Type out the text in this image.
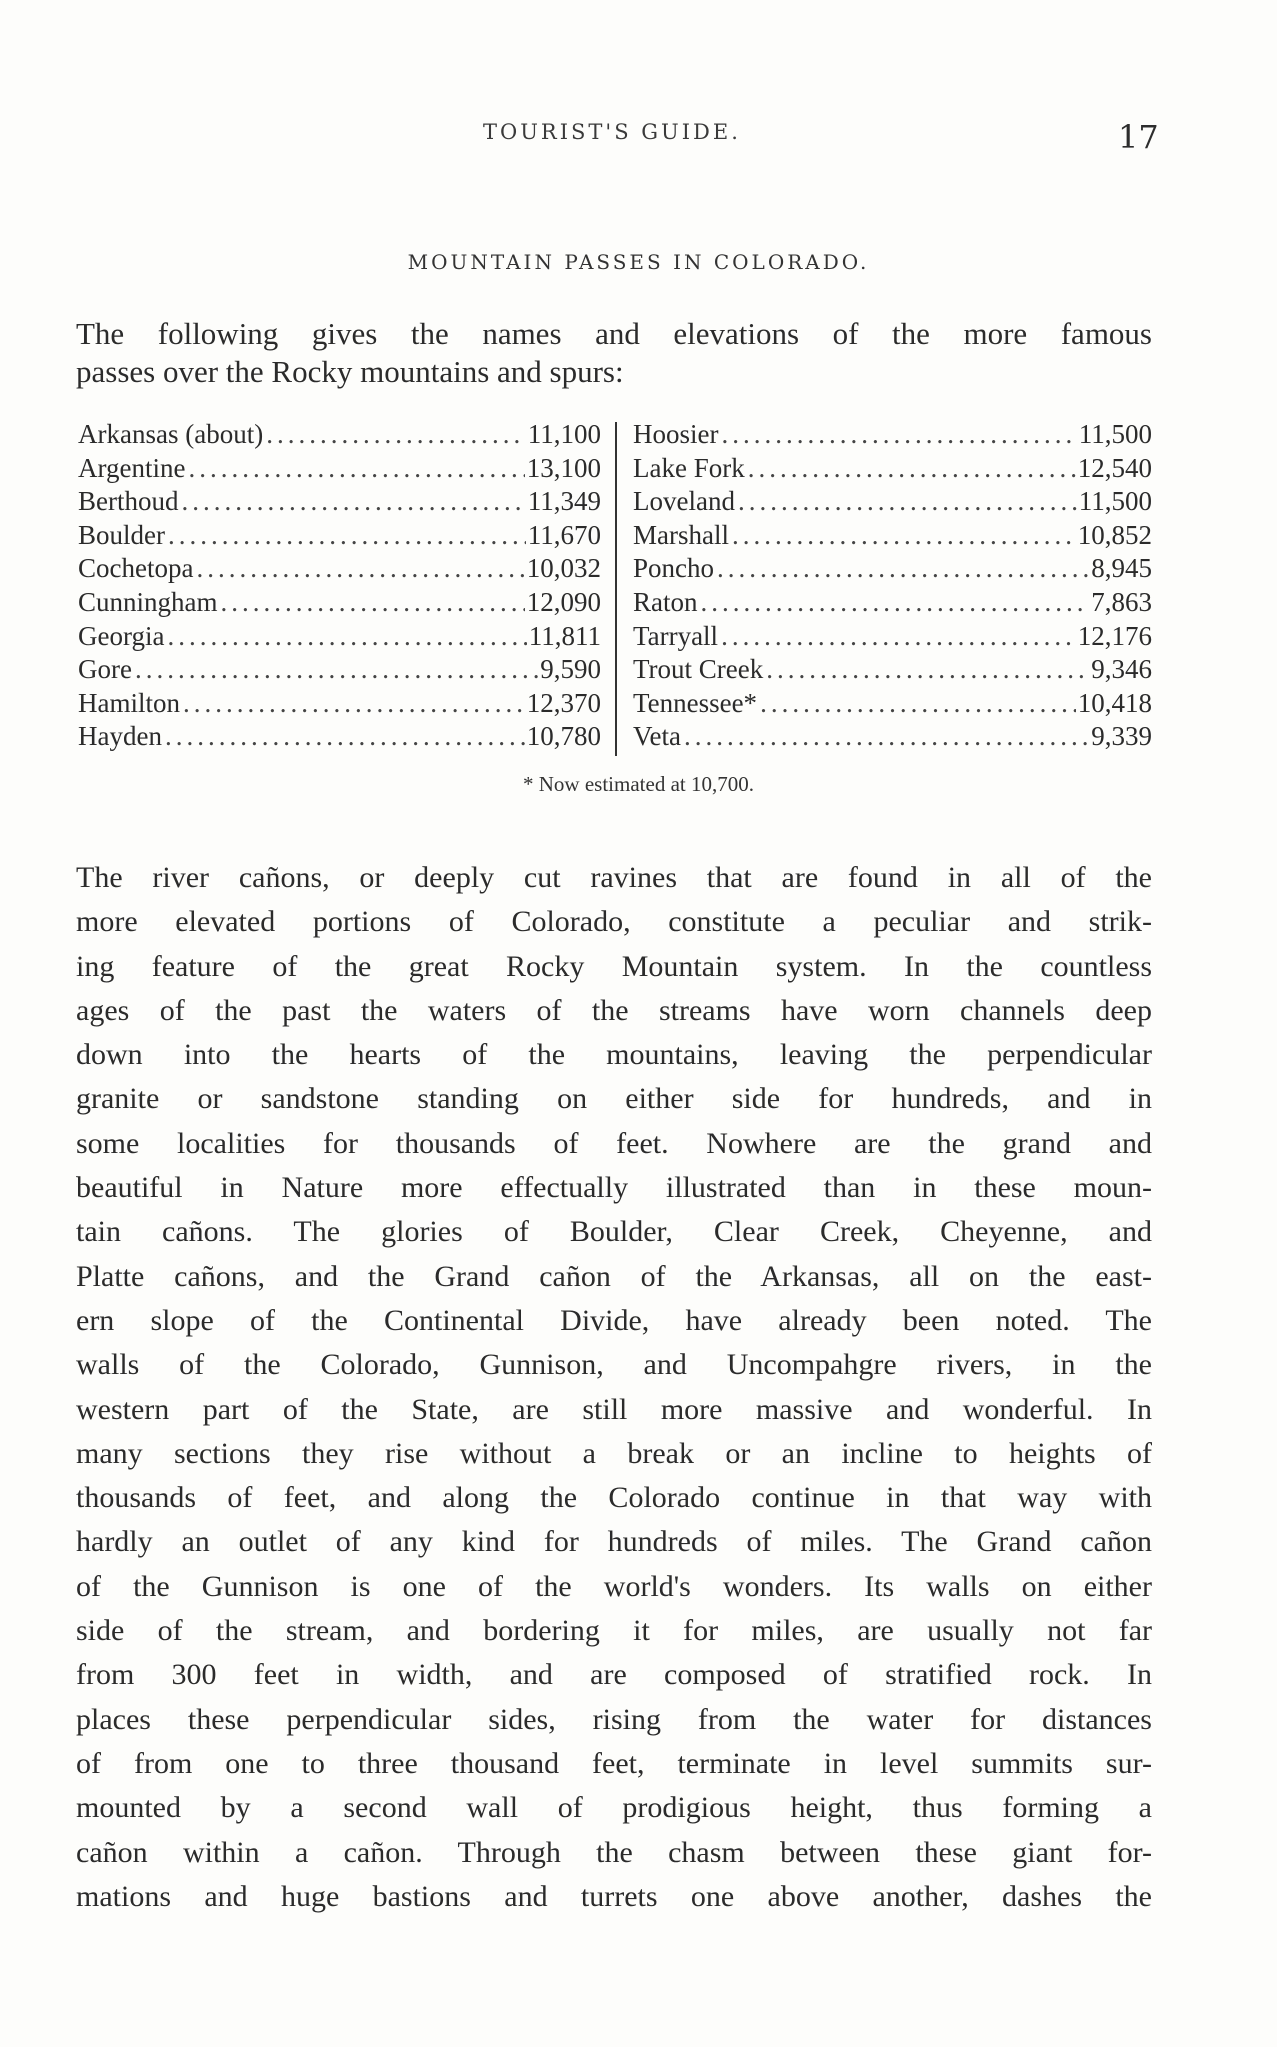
TOURIST'S GUIDE.	17
MOUNTAIN PASSES IN COLORADO.
The following gives the names and elevations of the more famous
passes over the Rocky mountains and spurs:
Arkansas (about) .....	11,100
Argentine .....	13,100
Berthoud .....	11,349
Boulder .....	11,670
Cochetopa .....	10,032
Cunningham .....	12,090
Georgia .....	11,811
Gore .....	9,590
Hamilton .....	12,370
Hayden .....	10,780
Hoosier .....	11,500
Lake Fork .....	12,540
Loveland .....	11,500
Marshall .....	10,852
Poncho .....	8,945
Raton .....	7,863
Tarryall .....	12,176
Trout Creek .....	9,346
Tennessee* .....	10,418
Veta .....	9,339
* Now estimated at 10,700.
The river cañons, or deeply cut ravines that are found in all of the
more elevated portions of Colorado, constitute a peculiar and strik-
ing feature of the great Rocky Mountain system. In the countless
ages of the past the waters of the streams have worn channels deep
down into the hearts of the mountains, leaving the perpendicular
granite or sandstone standing on either side for hundreds, and in
some localities for thousands of feet. Nowhere are the grand and
beautiful in Nature more effectually illustrated than in these moun-
tain cañons. The glories of Boulder, Clear Creek, Cheyenne, and
Platte cañons, and the Grand cañon of the Arkansas, all on the east-
ern slope of the Continental Divide, have already been noted. The
walls of the Colorado, Gunnison, and Uncompahgre rivers, in the
western part of the State, are still more massive and wonderful. In
many sections they rise without a break or an incline to heights of
thousands of feet, and along the Colorado continue in that way with
hardly an outlet of any kind for hundreds of miles. The Grand cañon
of the Gunnison is one of the world's wonders. Its walls on either
side of the stream, and bordering it for miles, are usually not far
from 300 feet in width, and are composed of stratified rock. In
places these perpendicular sides, rising from the water for distances
of from one to three thousand feet, terminate in level summits sur-
mounted by a second wall of prodigious height, thus forming a
cañon within a cañon. Through the chasm between these giant for-
mations and huge bastions and turrets one above another, dashes the
